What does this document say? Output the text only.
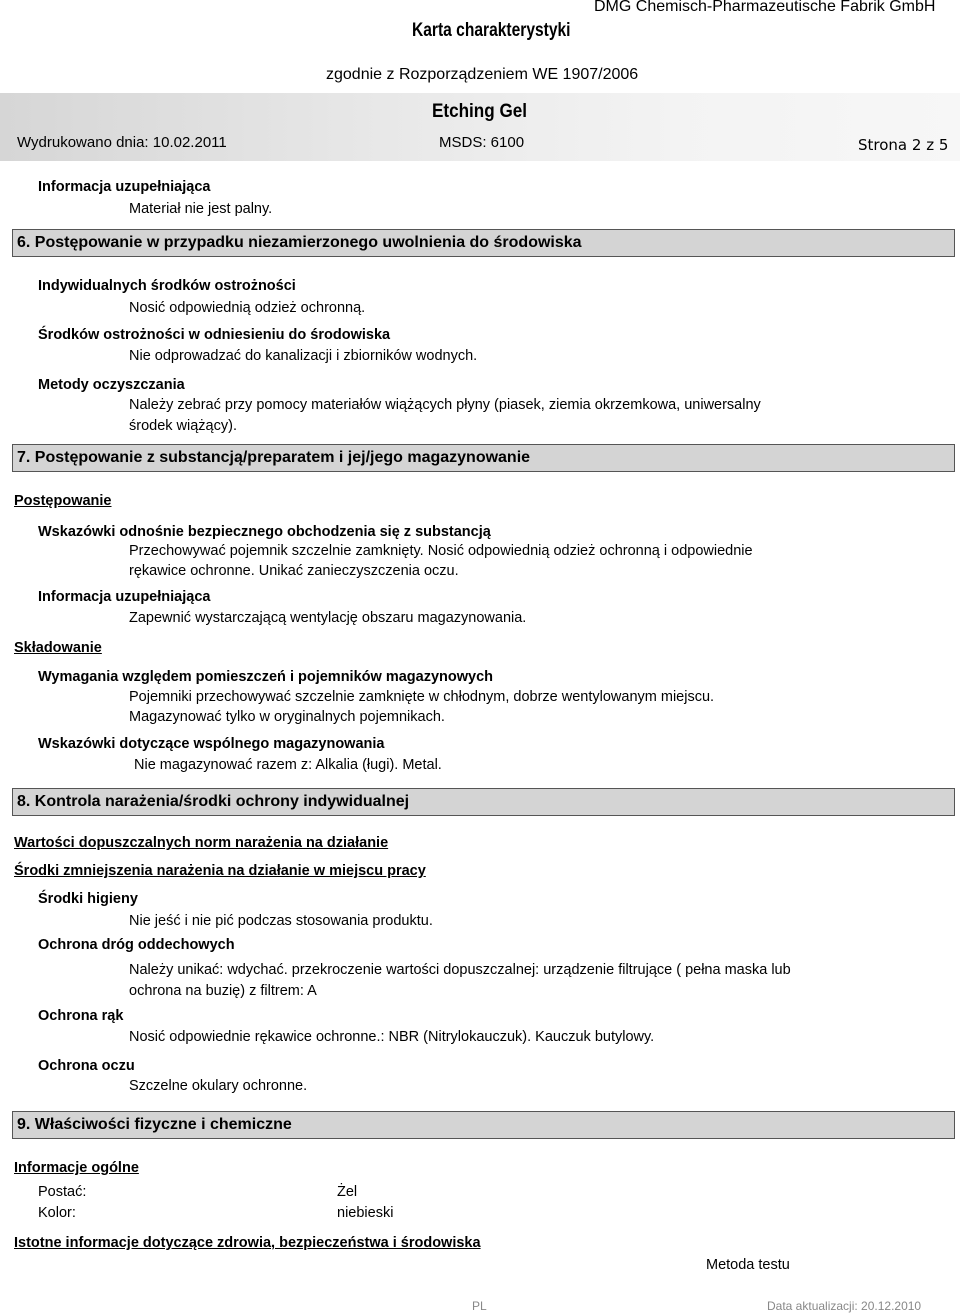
Karta charakterystyki
DMG Chemisch-Pharmazeutische Fabrik GmbH
zgodnie z Rozporządzeniem WE 1907/2006
Etching Gel
Wydrukowano dnia: 10.02.2011	MSDS: 6100	Strona 2 z 5
Informacja uzupełniająca
Materiał nie jest palny.
6. Postępowanie w przypadku niezamierzonego uwolnienia do środowiska
Indywidualnych środków ostrożności
Nosić odpowiednią odzież ochronną.
Środków ostrożności w odniesieniu do środowiska
Nie odprowadzać do kanalizacji i zbiorników wodnych.
Metody oczyszczania
Należy zebrać przy pomocy materiałów wiążących płyny (piasek, ziemia okrzemkowa, uniwersalny
środek wiążący).
7. Postępowanie z substancją/preparatem i jej/jego magazynowanie
Postępowanie
Wskazówki odnośnie bezpiecznego obchodzenia się z substancją
Przechowywać pojemnik szczelnie zamknięty. Nosić odpowiednią odzież ochronną i odpowiednie
rękawice ochronne. Unikać zanieczyszczenia oczu.
Informacja uzupełniająca
Zapewnić wystarczającą wentylację obszaru magazynowania.
Składowanie
Wymagania względem pomieszczeń i pojemników magazynowych
Pojemniki przechowywać szczelnie zamknięte w chłodnym, dobrze wentylowanym miejscu.
Magazynować tylko w oryginalnych pojemnikach.
Wskazówki dotyczące wspólnego magazynowania
Nie magazynować razem z: Alkalia (ługi). Metal.
8. Kontrola narażenia/środki ochrony indywidualnej
Wartości dopuszczalnych norm narażenia na działanie
Środki zmniejszenia narażenia na działanie w miejscu pracy
Środki higieny
Nie jeść i nie pić podczas stosowania produktu.
Ochrona dróg oddechowych
Należy unikać: wdychać. przekroczenie wartości dopuszczalnej: urządzenie filtrujące ( pełna maska lub
ochrona na buzię) z filtrem: A
Ochrona rąk
Nosić odpowiednie rękawice ochronne.: NBR (Nitrylokauczuk). Kauczuk butylowy.
Ochrona oczu
Szczelne okulary ochronne.
9. Właściwości fizyczne i chemiczne
Informacje ogólne
Postać:	Żel
Kolor:	niebieski
Istotne informacje dotyczące zdrowia, bezpieczeństwa i środowiska
Metoda testu
PL	Data aktualizacji: 20.12.2010
